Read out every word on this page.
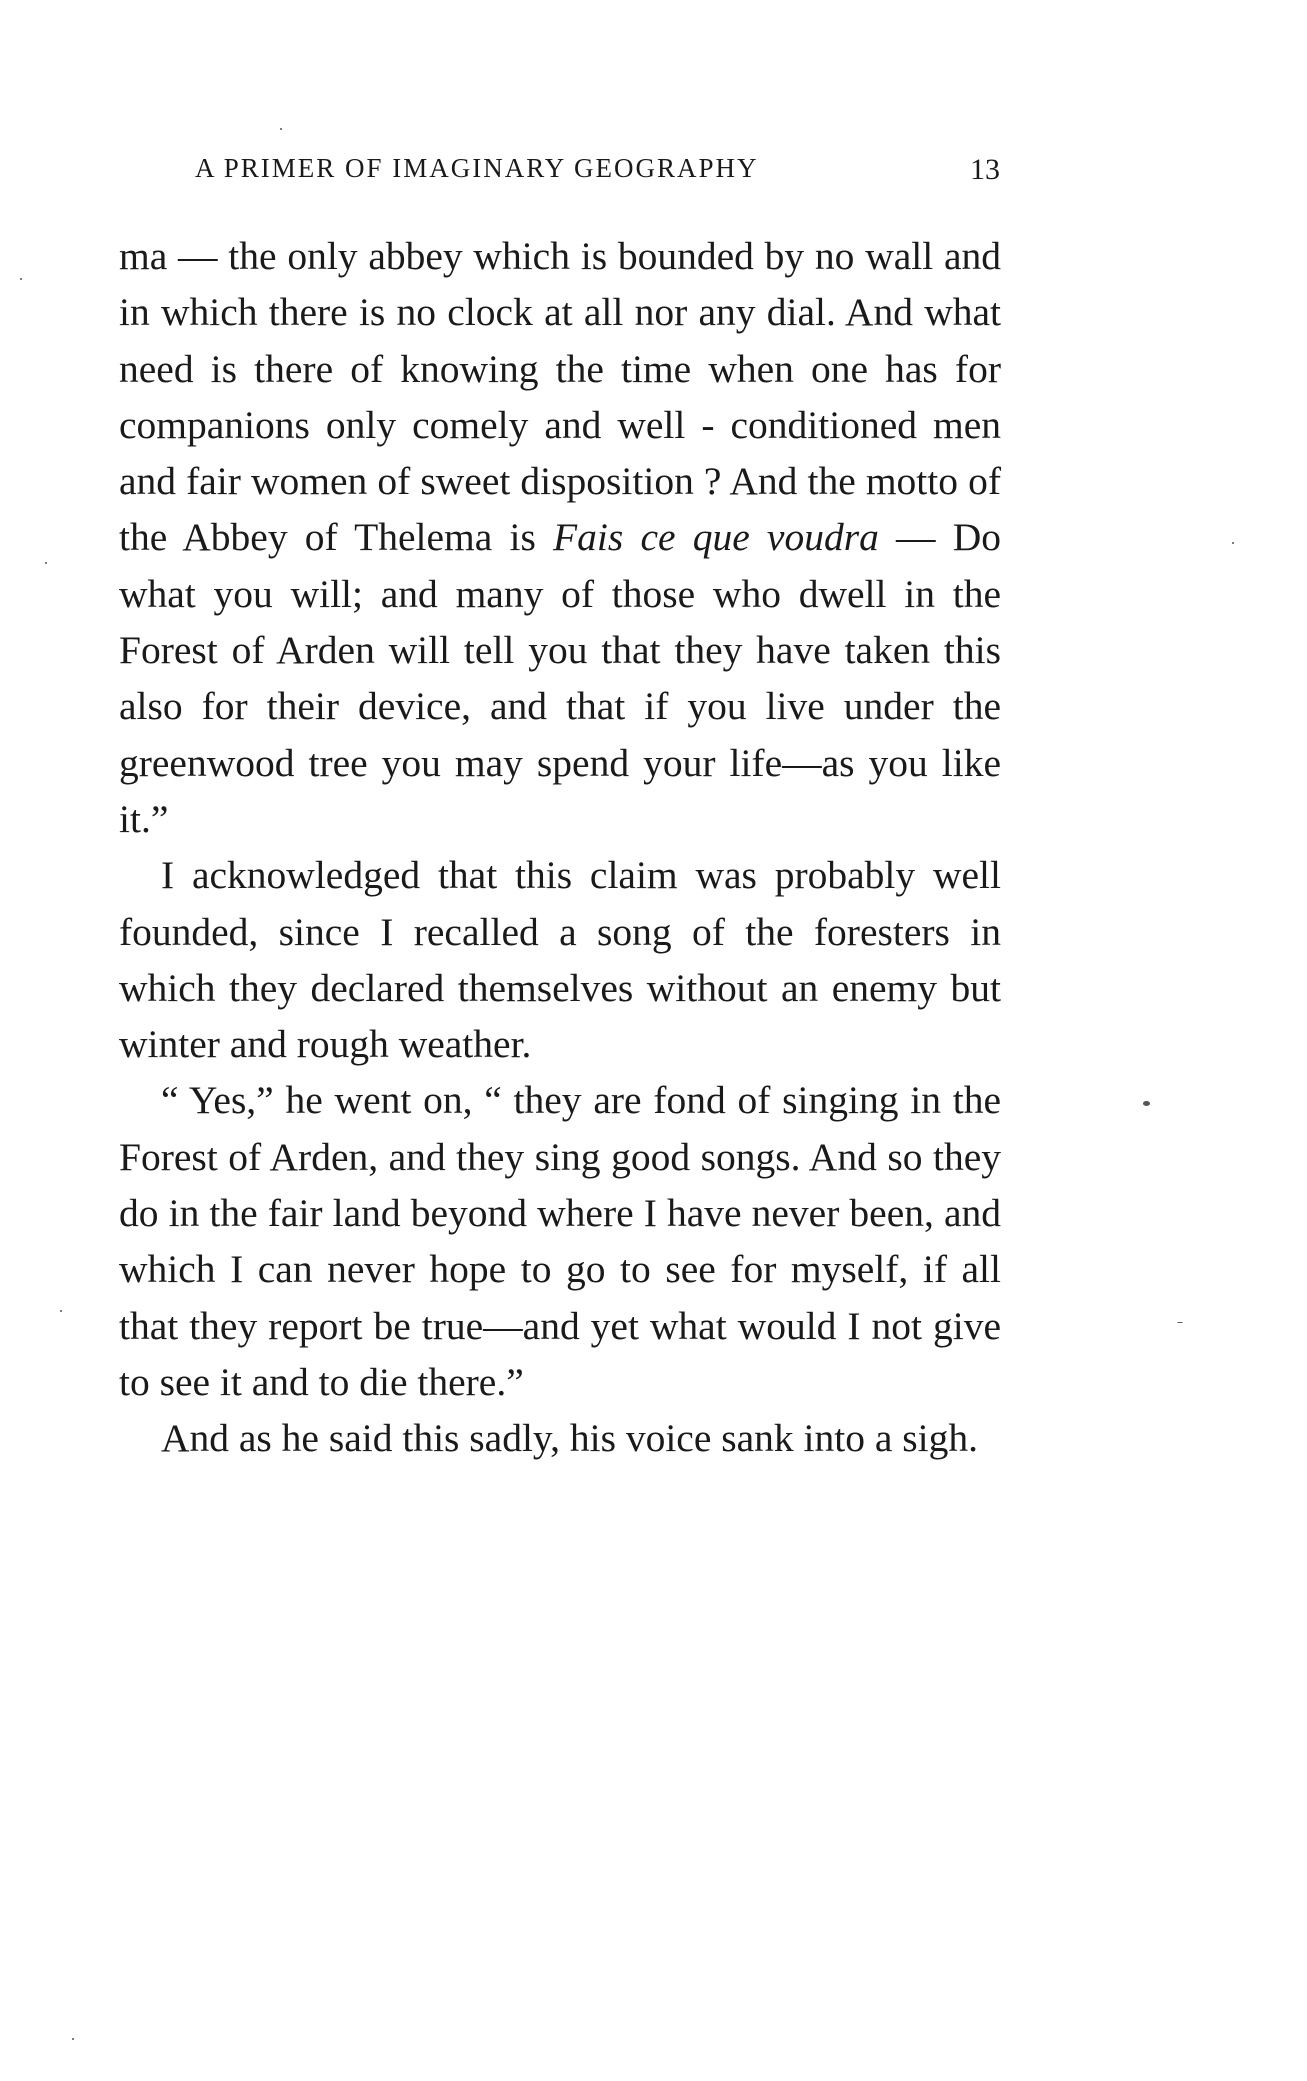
A PRIMER OF IMAGINARY GEOGRAPHY	13

ma — the only abbey which is bounded by no wall and in which there is no clock at all nor any dial. And what need is there of knowing the time when one has for companions only comely and well - conditioned men and fair women of sweet disposition ? And the motto of the Abbey of Thelema is Fais ce que voudra — Do what you will; and many of those who dwell in the Forest of Arden will tell you that they have taken this also for their device, and that if you live under the greenwood tree you may spend your life—as you like it.”

I acknowledged that this claim was probably well founded, since I recalled a song of the foresters in which they declared themselves without an enemy but winter and rough weather.

“ Yes,” he went on, “ they are fond of singing in the Forest of Arden, and they sing good songs. And so they do in the fair land beyond where I have never been, and which I can never hope to go to see for myself, if all that they report be true—and yet what would I not give to see it and to die there.”

And as he said this sadly, his voice sank into a sigh.
